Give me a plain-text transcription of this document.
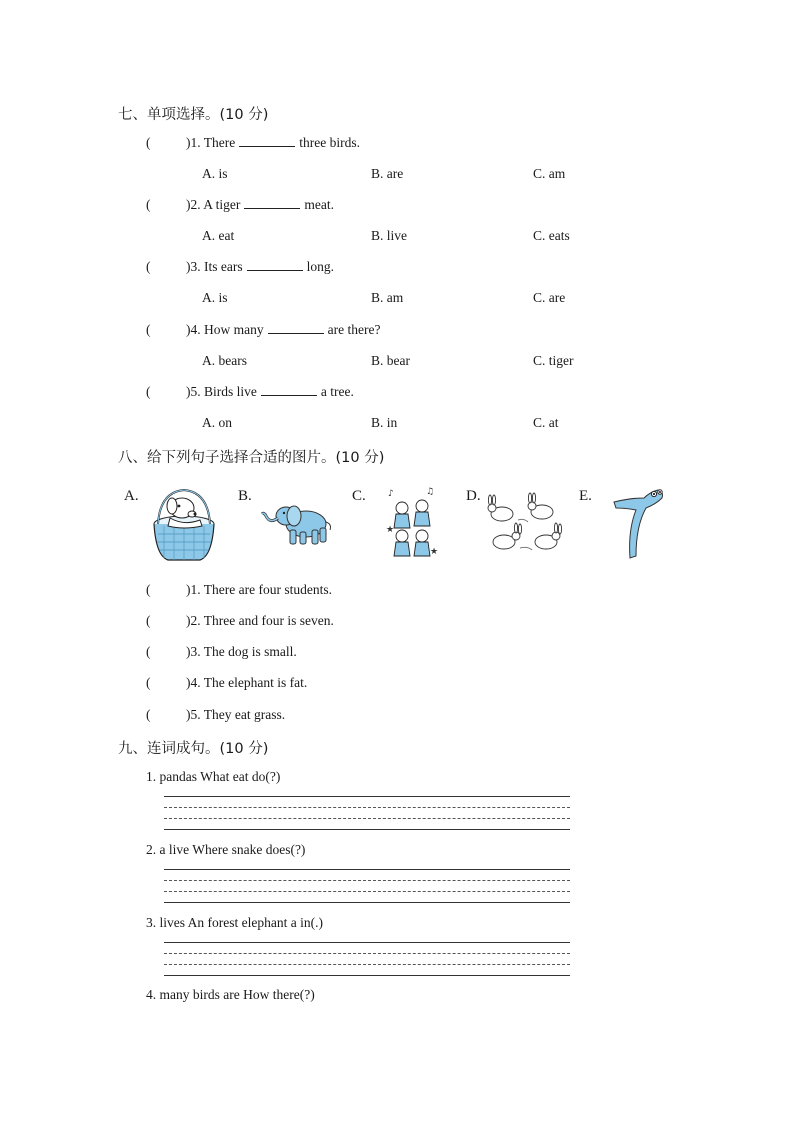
七、单项选择。(10 分)
(	)1. There	three birds.
A. is	B. are	C. am
(	)2. A tiger	meat.
A. eat	B. live	C. eats
(	)3. Its ears	long.
A. is	B. am	C. are
(	)4. How many	are there?
A. bears	B. bear	C. tiger
(	)5. Birds live	a tree.
A. on	B. in	C. at
八、给下列句子选择合适的图片。(10 分)
A.	B.	C.	D.	E.
♪	♫
★
★
(	)1. There are four students.
(	)2. Three and four is seven.
(	)3. The dog is small.
(	)4. The elephant is fat.
(	)5. They eat grass.
九、连词成句。(10 分)
1. pandas What eat do(?)
2. a live Where snake does(?)
3. lives An forest elephant a in(.)
4. many birds are How there(?)
